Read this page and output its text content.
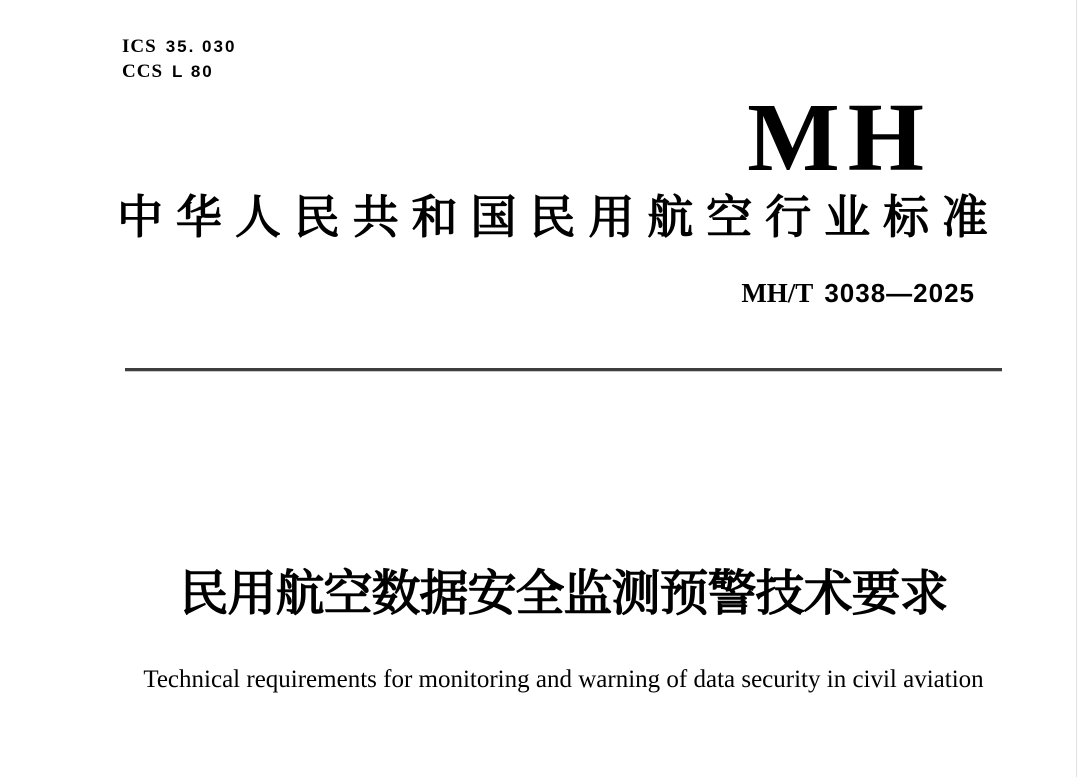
ICS 35. 030
CCS L 80
MH
中 华 人 民 共 和 国 民 用 航 空 行 业 标 准
MH/T 3038—2025
民用航空数据安全监测预警技术要求
Technical requirements for monitoring and warning of data security in civil aviation
